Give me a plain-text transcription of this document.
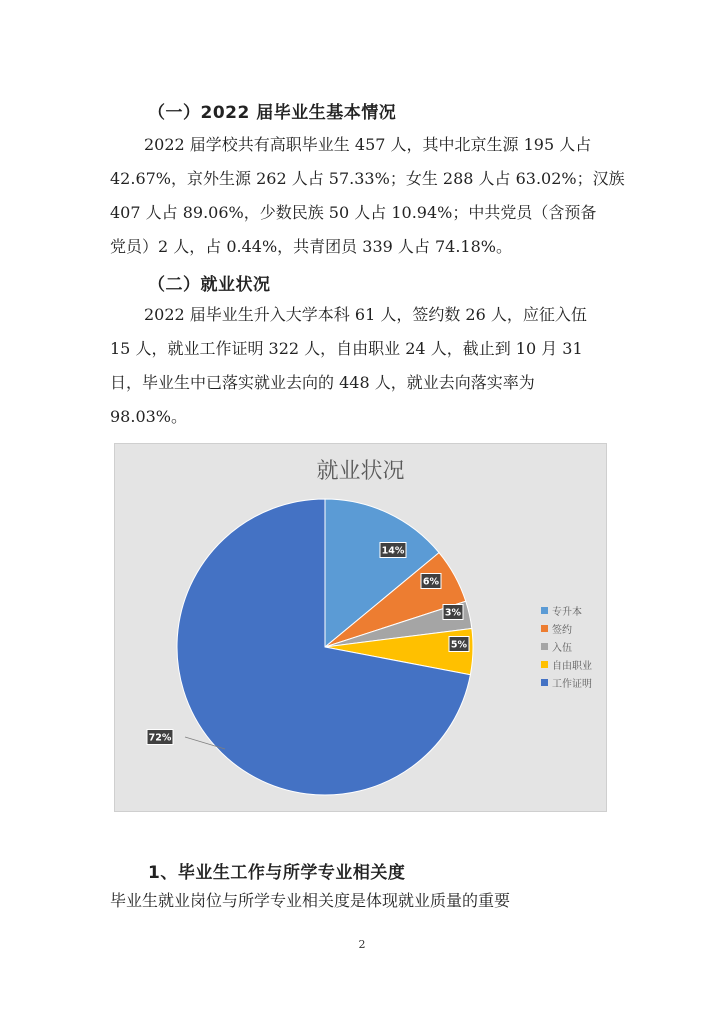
（一）2022 届毕业生基本情况
2022 届学校共有高职毕业生 457 人，其中北京生源 195 人占
42.67%，京外生源 262 人占 57.33%；女生 288 人占 63.02%；汉族
407 人占 89.06%，少数民族 50 人占 10.94%；中共党员（含预备
党员）2 人，占 0.44%，共青团员 339 人占 74.18%。
（二）就业状况
2022 届毕业生升入大学本科 61 人，签约数 26 人，应征入伍
15 人，就业工作证明 322 人，自由职业 24 人，截止到 10 月 31
日，毕业生中已落实就业去向的 448 人，就业去向落实率为
98.03%。
就业状况
14%
6%
3%
5%
72%
专升本
签约
入伍
自由职业
工作证明
1、毕业生工作与所学专业相关度
毕业生就业岗位与所学专业相关度是体现就业质量的重要
2
